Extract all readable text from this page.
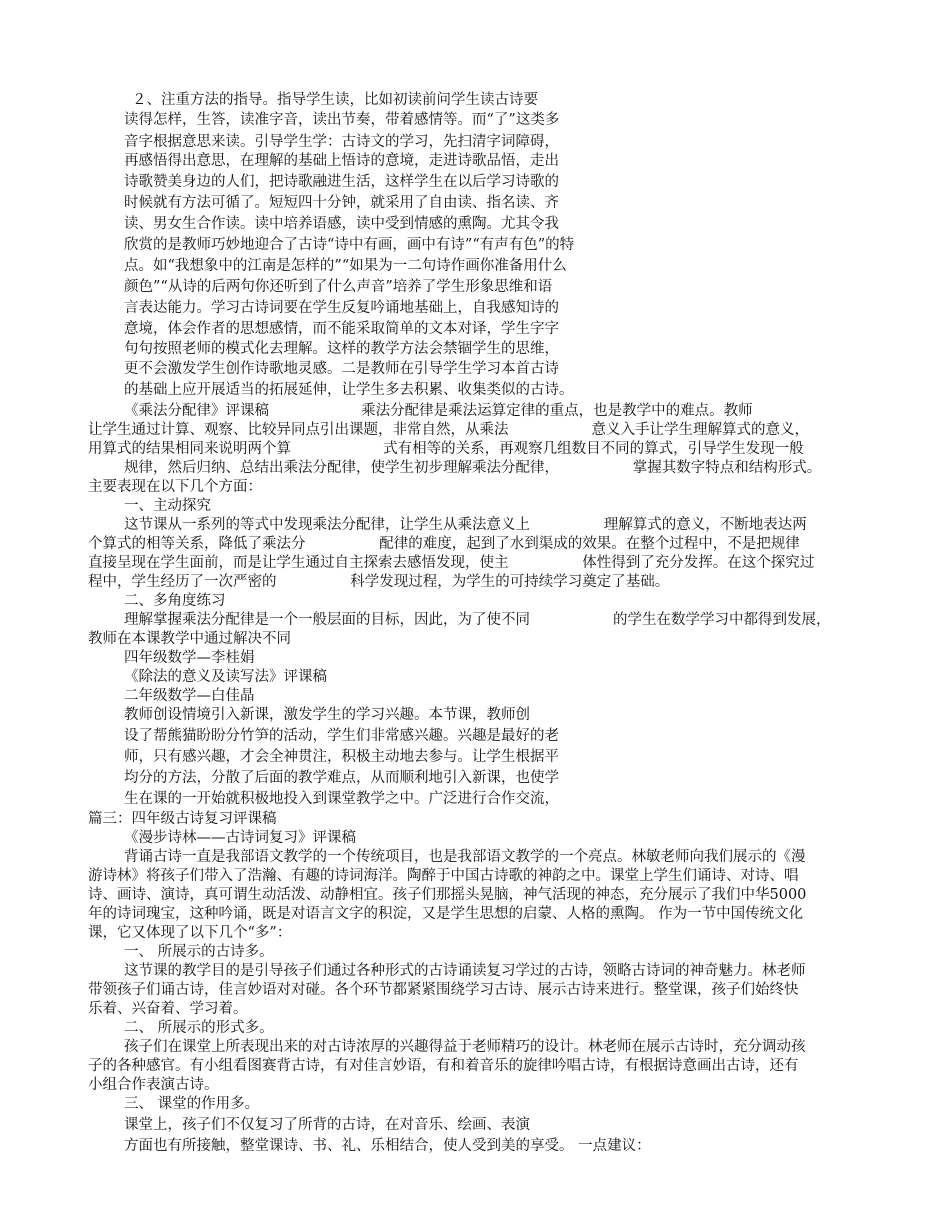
２、注重方法的指导。指导学生读，比如初读前问学生读古诗要
读得怎样，生答，读准字音，读出节奏，带着感情等。而“了”这类多
音字根据意思来读。引导学生学：古诗文的学习，先扫清字词障碍，
再感悟得出意思，在理解的基础上悟诗的意境，走进诗歌品悟，走出
诗歌赞美身边的人们，把诗歌融进生活，这样学生在以后学习诗歌的
时候就有方法可循了。短短四十分钟，就采用了自由读、指名读、齐
读、男女生合作读。读中培养语感，读中受到情感的熏陶。尤其令我
欣赏的是教师巧妙地迎合了古诗“诗中有画，画中有诗”“有声有色”的特
点。如“我想象中的江南是怎样的”“如果为一二句诗作画你准备用什么
颜色”“从诗的后两句你还听到了什么声音”培养了学生形象思维和语
言表达能力。学习古诗词要在学生反复吟诵地基础上，自我感知诗的
意境，体会作者的思想感情，而不能采取简单的文本对译，学生字字
句句按照老师的模式化去理解。这样的教学方法会禁锢学生的思维，
更不会激发学生创作诗歌地灵感。二是教师在引导学生学习本首古诗
的基础上应开展适当的拓展延伸，让学生多去积累、收集类似的古诗。
《乘法分配律》评课稿                    乘法分配律是乘法运算定律的重点，也是教学中的难点。教师
让学生通过计算、观察、比较异同点引出课题，非常自然，从乘法                  意义入手让学生理解算式的意义，
用算式的结果相同来说明两个算                    式有相等的关系，再观察几组数目不同的算式，引导学生发现一般
规律，然后归纳、总结出乘法分配律，使学生初步理解乘法分配律，                掌握其数字特点和结构形式。
主要表现在以下几个方面：
一、主动探究
这节课从一系列的等式中发现乘法分配律，让学生从乘法意义上                理解算式的意义，不断地表达两
个算式的相等关系，降低了乘法分                配律的难度，起到了水到渠成的效果。在整个过程中，不是把规律
直接呈现在学生面前，而是让学生通过自主探索去感悟发现，使主                体性得到了充分发挥。在这个探究过
程中，学生经历了一次严密的                科学发现过程，为学生的可持续学习奠定了基础。
二、多角度练习
理解掌握乘法分配律是一个一般层面的目标，因此，为了使不同                  的学生在数学学习中都得到发展，
教师在本课教学中通过解决不同
四年级数学—李桂娟
《除法的意义及读写法》评课稿
二年级数学—白佳晶
教师创设情境引入新课，激发学生的学习兴趣。本节课，教师创
设了帮熊猫盼盼分竹笋的活动，学生们非常感兴趣。兴趣是最好的老
师，只有感兴趣，才会全神贯注，积极主动地去参与。让学生根据平
均分的方法，分散了后面的教学难点，从而顺利地引入新课，也使学
生在课的一开始就积极地投入到课堂教学之中。广泛进行合作交流，
篇三：四年级古诗复习评课稿
《漫步诗林——古诗词复习》评课稿
背诵古诗一直是我部语文教学的一个传统项目，也是我部语文教学的一个亮点。林敏老师向我们展示的《漫
游诗林》将孩子们带入了浩瀚、有趣的诗词海洋。陶醉于中国古诗歌的神韵之中。课堂上学生们诵诗、对诗、唱
诗、画诗、演诗，真可谓生动活泼、动静相宜。孩子们那摇头晃脑，神气活现的神态，充分展示了我们中华5000
年的诗词瑰宝，这种吟诵，既是对语言文字的积淀，又是学生思想的启蒙、人格的熏陶。 作为一节中国传统文化
课，它又体现了以下几个“多”：
一、 所展示的古诗多。
这节课的教学目的是引导孩子们通过各种形式的古诗诵读复习学过的古诗，领略古诗词的神奇魅力。林老师
带领孩子们诵古诗，佳言妙语对对碰。各个环节都紧紧围绕学习古诗、展示古诗来进行。整堂课，孩子们始终快
乐着、兴奋着、学习着。
二、 所展示的形式多。
孩子们在课堂上所表现出来的对古诗浓厚的兴趣得益于老师精巧的设计。林老师在展示古诗时，充分调动孩
子的各种感官。有小组看图赛背古诗，有对佳言妙语，有和着音乐的旋律吟唱古诗，有根据诗意画出古诗，还有
小组合作表演古诗。
三、 课堂的作用多。
课堂上，孩子们不仅复习了所背的古诗，在对音乐、绘画、表演
方面也有所接触，整堂课诗、书、礼、乐相结合，使人受到美的享受。 一点建议：
